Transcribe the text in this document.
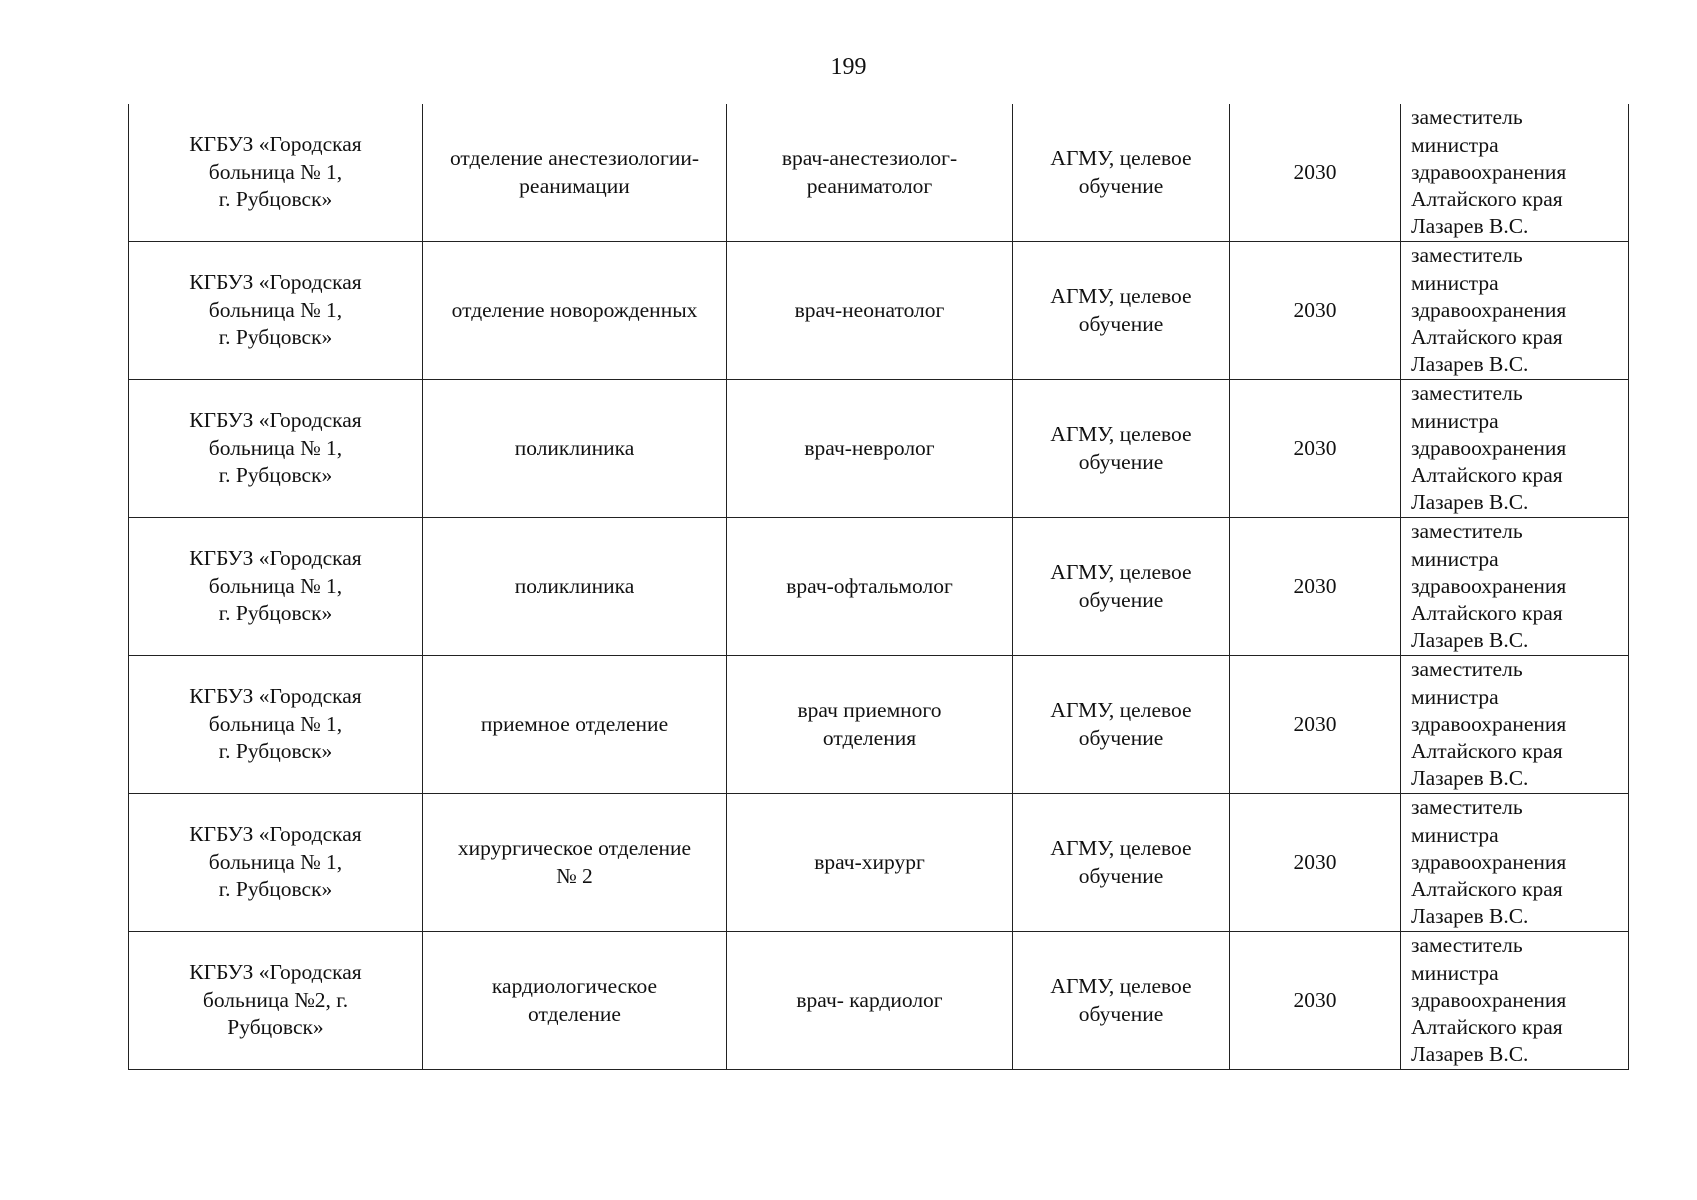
199
КГБУЗ «Городская
больница № 1,
г. Рубцовск»	отделение анестезиологии-
реанимации	врач-анестезиолог-
реаниматолог	АГМУ, целевое
обучение	2030	заместитель
министра
здравоохранения
Алтайского края
Лазарев В.С.

КГБУЗ «Городская
больница № 1,
г. Рубцовск»	отделение новорожденных	врач-неонатолог	АГМУ, целевое
обучение	2030	заместитель
министра
здравоохранения
Алтайского края
Лазарев В.С.

КГБУЗ «Городская
больница № 1,
г. Рубцовск»	поликлиника	врач-невролог	АГМУ, целевое
обучение	2030	заместитель
министра
здравоохранения
Алтайского края
Лазарев В.С.

КГБУЗ «Городская
больница № 1,
г. Рубцовск»	поликлиника	врач-офтальмолог	АГМУ, целевое
обучение	2030	заместитель
министра
здравоохранения
Алтайского края
Лазарев В.С.

КГБУЗ «Городская
больница № 1,
г. Рубцовск»	приемное отделение	врач приемного
отделения	АГМУ, целевое
обучение	2030	заместитель
министра
здравоохранения
Алтайского края
Лазарев В.С.

КГБУЗ «Городская
больница № 1,
г. Рубцовск»	хирургическое отделение
№ 2	врач-хирург	АГМУ, целевое
обучение	2030	заместитель
министра
здравоохранения
Алтайского края
Лазарев В.С.

КГБУЗ «Городская
больница №2, г.
Рубцовск»	кардиологическое
отделение	врач- кардиолог	АГМУ, целевое
обучение	2030	заместитель
министра
здравоохранения
Алтайского края
Лазарев В.С.
